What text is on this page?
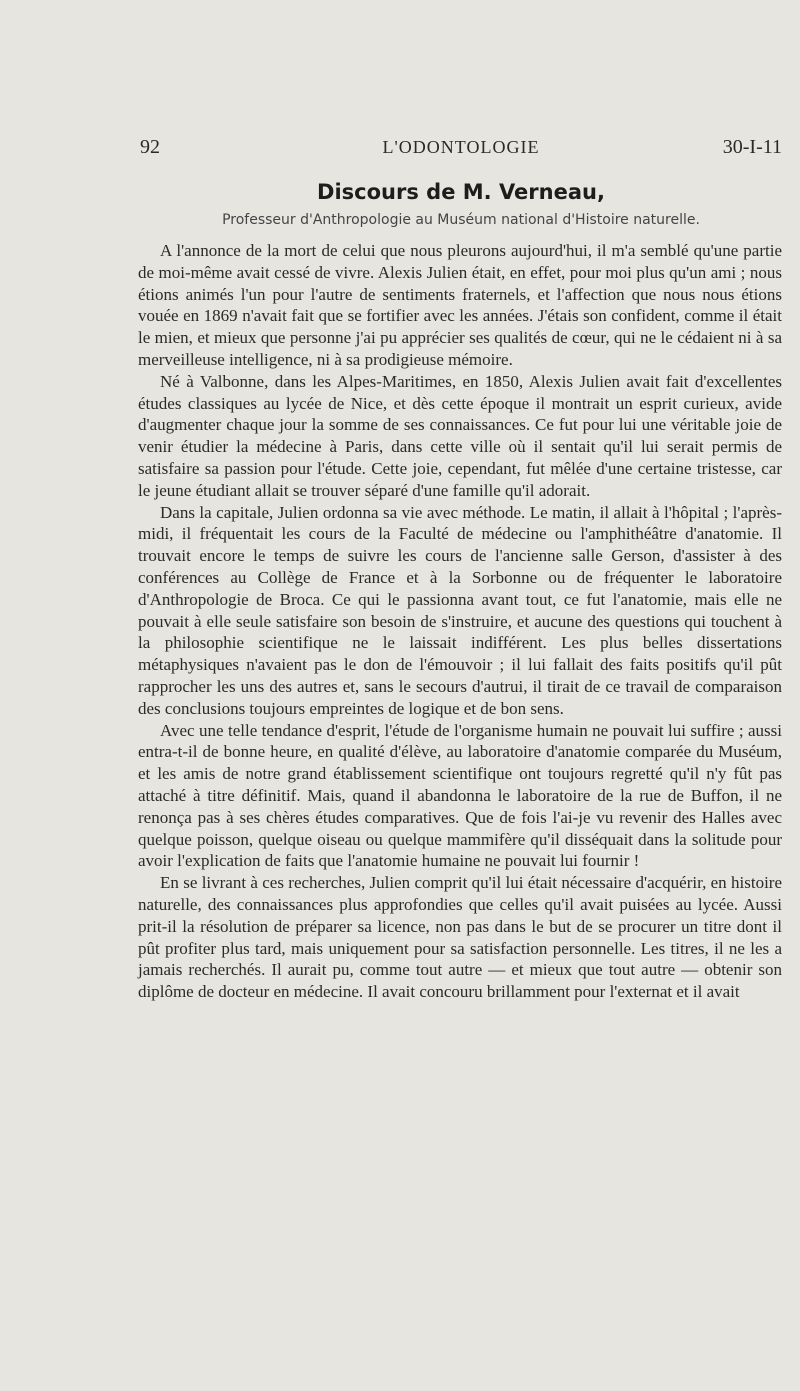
92	L'ODONTOLOGIE	30-I-11
Discours de M. Verneau,
Professeur d'Anthropologie au Muséum national d'Histoire naturelle.

A l'annonce de la mort de celui que nous pleurons aujourd'hui, il m'a semblé qu'une partie de moi-même avait cessé de vivre. Alexis Julien était, en effet, pour moi plus qu'un ami ; nous étions animés l'un pour l'autre de sentiments fraternels, et l'affection que nous nous étions vouée en 1869 n'avait fait que se fortifier avec les années. J'étais son confident, comme il était le mien, et mieux que personne j'ai pu apprécier ses qualités de cœur, qui ne le cédaient ni à sa merveilleuse intelligence, ni à sa prodigieuse mémoire.

Né à Valbonne, dans les Alpes-Maritimes, en 1850, Alexis Julien avait fait d'excellentes études classiques au lycée de Nice, et dès cette époque il montrait un esprit curieux, avide d'augmenter chaque jour la somme de ses connaissances. Ce fut pour lui une véritable joie de venir étudier la médecine à Paris, dans cette ville où il sentait qu'il lui serait permis de satisfaire sa passion pour l'étude. Cette joie, cependant, fut mêlée d'une certaine tristesse, car le jeune étudiant allait se trouver séparé d'une famille qu'il adorait.

Dans la capitale, Julien ordonna sa vie avec méthode. Le matin, il allait à l'hôpital ; l'après-midi, il fréquentait les cours de la Faculté de médecine ou l'amphithéâtre d'anatomie. Il trouvait encore le temps de suivre les cours de l'ancienne salle Gerson, d'assister à des conférences au Collège de France et à la Sorbonne ou de fréquenter le laboratoire d'Anthropologie de Broca. Ce qui le passionna avant tout, ce fut l'anatomie, mais elle ne pouvait à elle seule satisfaire son besoin de s'instruire, et aucune des questions qui touchent à la philosophie scientifique ne le laissait indifférent. Les plus belles dissertations métaphysiques n'avaient pas le don de l'émouvoir ; il lui fallait des faits positifs qu'il pût rapprocher les uns des autres et, sans le secours d'autrui, il tirait de ce travail de comparaison des conclusions toujours empreintes de logique et de bon sens.

Avec une telle tendance d'esprit, l'étude de l'organisme humain ne pouvait lui suffire ; aussi entra-t-il de bonne heure, en qualité d'élève, au laboratoire d'anatomie comparée du Muséum, et les amis de notre grand établissement scientifique ont toujours regretté qu'il n'y fût pas attaché à titre définitif. Mais, quand il abandonna le laboratoire de la rue de Buffon, il ne renonça pas à ses chères études comparatives. Que de fois l'ai-je vu revenir des Halles avec quelque poisson, quelque oiseau ou quelque mammifère qu'il disséquait dans la solitude pour avoir l'explication de faits que l'anatomie humaine ne pouvait lui fournir !

En se livrant à ces recherches, Julien comprit qu'il lui était nécessaire d'acquérir, en histoire naturelle, des connaissances plus approfondies que celles qu'il avait puisées au lycée. Aussi prit-il la résolution de préparer sa licence, non pas dans le but de se procurer un titre dont il pût profiter plus tard, mais uniquement pour sa satisfaction personnelle. Les titres, il ne les a jamais recherchés. Il aurait pu, comme tout autre — et mieux que tout autre — obtenir son diplôme de docteur en médecine. Il avait concouru brillamment pour l'externat et il avait
